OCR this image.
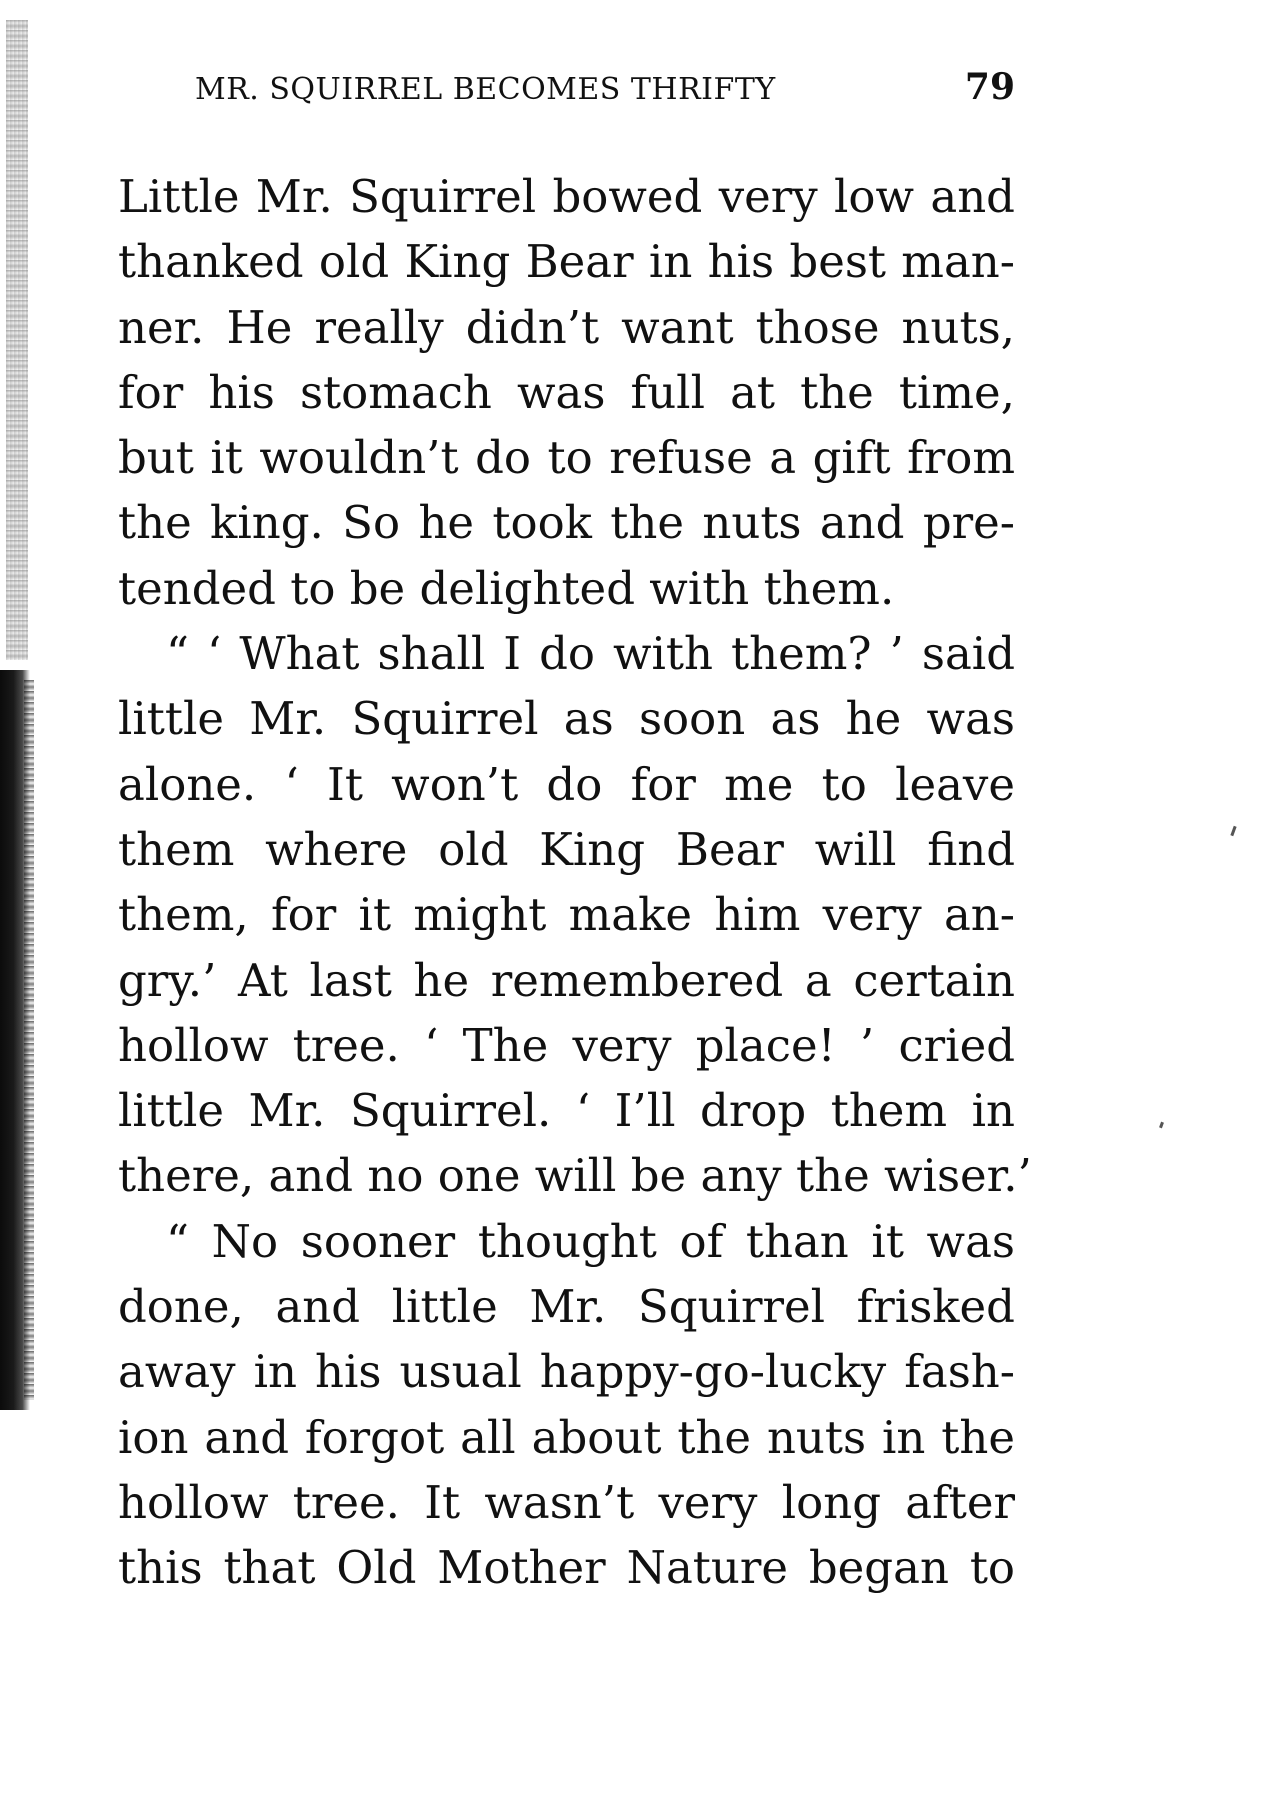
MR. SQUIRREL BECOMES THRIFTY	79
Little Mr. Squirrel bowed very low and
thanked old King Bear in his best man-
ner. He really didn’t want those nuts,
for his stomach was full at the time,
but it wouldn’t do to refuse a gift from
the king. So he took the nuts and pre-
tended to be delighted with them.
“ ‘ What shall I do with them? ’ said
little Mr. Squirrel as soon as he was
alone. ‘ It won’t do for me to leave
them where old King Bear will find
them, for it might make him very an-
gry.’ At last he remembered a certain
hollow tree. ‘ The very place! ’ cried
little Mr. Squirrel. ‘ I’ll drop them in
there, and no one will be any the wiser.’
“ No sooner thought of than it was
done, and little Mr. Squirrel frisked
away in his usual happy-go-lucky fash-
ion and forgot all about the nuts in the
hollow tree. It wasn’t very long after
this that Old Mother Nature began to
